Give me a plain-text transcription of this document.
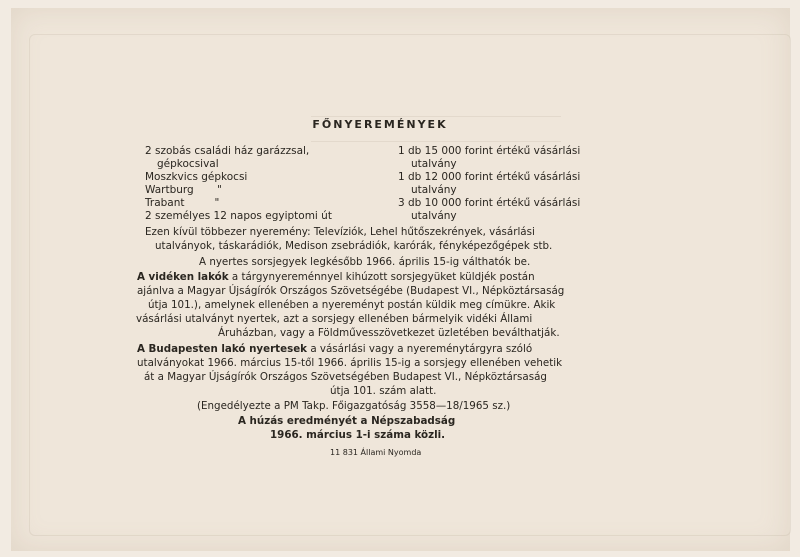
FŐNYEREMÉNYEK
2 szobás családi ház garázzsal,
gépkocsival
Moszkvics gépkocsi
Wartburg       "
Trabant         "
2 személyes 12 napos egyiptomi út
1 db 15 000 forint értékű vásárlási
utalvány
1 db 12 000 forint értékű vásárlási
utalvány
3 db 10 000 forint értékű vásárlási
utalvány
Ezen kívül többezer nyeremény: Televíziók, Lehel hűtőszekrények, vásárlási
utalványok, táskarádiók, Medison zsebrádiók, karórák, fényképezőgépek stb.
A nyertes sorsjegyek legkésőbb 1966. április 15-ig válthatók be.
A vidéken lakók a tárgynyereménnyel kihúzott sorsjegyüket küldjék postán
ajánlva a Magyar Újságírók Országos Szövetségébe (Budapest VI., Népköztársaság
útja 101.), amelynek ellenében a nyereményt postán küldik meg címükre. Akik
vásárlási utalványt nyertek, azt a sorsjegy ellenében bármelyik vidéki Állami
Áruházban, vagy a Földművesszövetkezet üzletében beválthatják.
A Budapesten lakó nyertesek a vásárlási vagy a nyereménytárgyra szóló
utalványokat 1966. március 15-től 1966. április 15-ig a sorsjegy ellenében vehetik
át a Magyar Újságírók Országos Szövetségében Budapest VI., Népköztársaság
útja 101. szám alatt.
(Engedélyezte a PM Takp. Főigazgatóság 3558—18/1965 sz.)
A húzás eredményét a Népszabadság
1966. március 1-i száma közli.
11 831 Állami Nyomda
